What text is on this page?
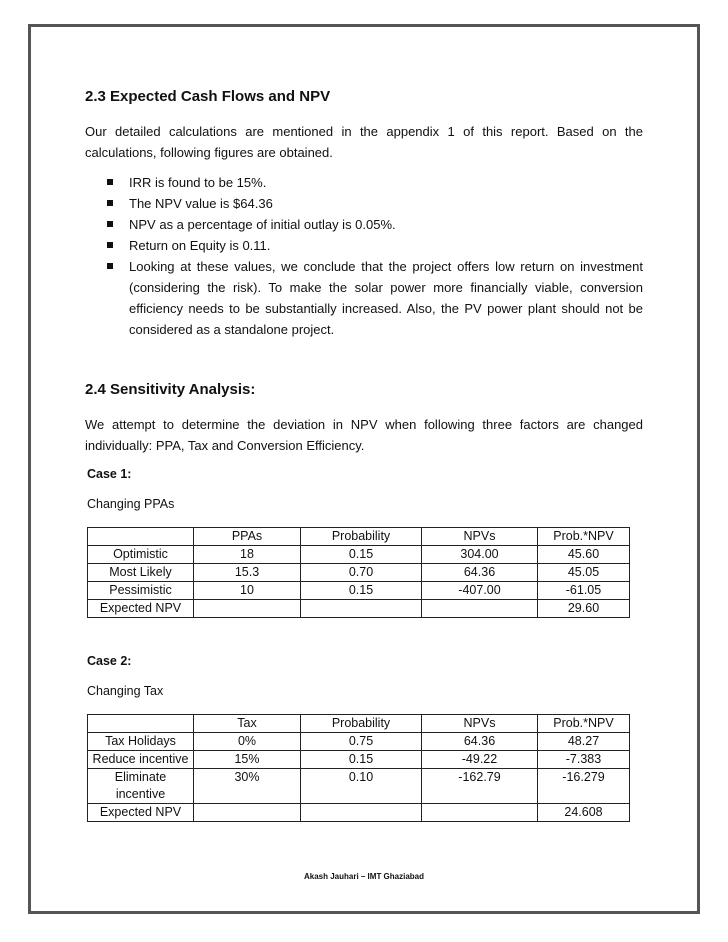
2.3 Expected Cash Flows and NPV

Our detailed calculations are mentioned in the appendix 1 of this report. Based on the calculations, following figures are obtained.

IRR is found to be 15%.
The NPV value is $64.36
NPV as a percentage of initial outlay is 0.05%.
Return on Equity is 0.11.
Looking at these values, we conclude that the project offers low return on investment (considering the risk). To make the solar power more financially viable, conversion efficiency needs to be substantially increased. Also, the PV power plant should not be considered as a standalone project.
2.4 Sensitivity Analysis:

We attempt to determine the deviation in NPV when following three factors are changed individually: PPA, Tax and Conversion Efficiency.

Case 1:
Changing PPAs
	PPAs	Probability	NPVs	Prob.*NPV
Optimistic	18	0.15	304.00	45.60
Most Likely	15.3	0.70	64.36	45.05
Pessimistic	10	0.15	-407.00	-61.05
Expected NPV				29.60
Case 2:
Changing Tax
	Tax	Probability	NPVs	Prob.*NPV
Tax Holidays	0%	0.75	64.36	48.27
Reduce incentive	15%	0.15	-49.22	-7.383
Eliminate incentive	30%	0.10	-162.79	-16.279
Expected NPV				24.608
Akash Jauhari – IMT Ghaziabad
